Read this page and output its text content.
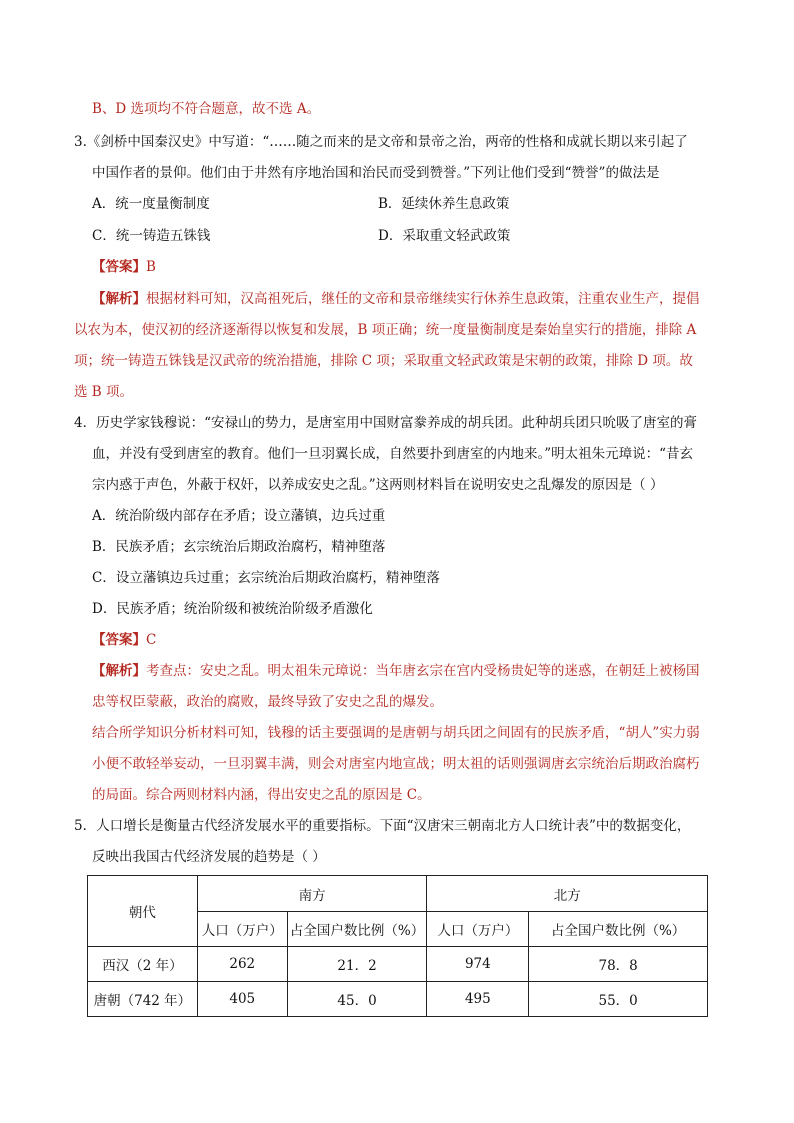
B、D 选项均不符合题意，故不选 A。
3.《剑桥中国秦汉史》中写道：“……随之而来的是文帝和景帝之治，两帝的性格和成就长期以来引起了
中国作者的景仰。他们由于井然有序地治国和治民而受到赞誉。”下列让他们受到“赞誉”的做法是
A．统一度量衡制度	B．延续休养生息政策
C．统一铸造五铢钱	D．采取重文轻武政策
【答案】B
【解析】根据材料可知，汉高祖死后，继任的文帝和景帝继续实行休养生息政策，注重农业生产，提倡
以农为本，使汉初的经济逐渐得以恢复和发展，B 项正确；统一度量衡制度是秦始皇实行的措施，排除 A
项；统一铸造五铢钱是汉武帝的统治措施，排除 C 项；采取重文轻武政策是宋朝的政策，排除 D 项。故
选 B 项。
4．历史学家钱穆说：“安禄山的势力，是唐室用中国财富豢养成的胡兵团。此种胡兵团只吮吸了唐室的膏
血，并没有受到唐室的教育。他们一旦羽翼长成，自然要扑到唐室的内地来。”明太祖朱元璋说：“昔玄
宗内惑于声色，外蔽于权奸，以养成安史之乱。”这两则材料旨在说明安史之乱爆发的原因是（ ）
A．统治阶级内部存在矛盾；设立藩镇，边兵过重
B．民族矛盾；玄宗统治后期政治腐朽，精神堕落
C．设立藩镇边兵过重；玄宗统治后期政治腐朽，精神堕落
D．民族矛盾；统治阶级和被统治阶级矛盾激化
【答案】C
【解析】考查点：安史之乱。明太祖朱元璋说：当年唐玄宗在宫内受杨贵妃等的迷惑，在朝廷上被杨国
忠等权臣蒙蔽，政治的腐败，最终导致了安史之乱的爆发。
结合所学知识分析材料可知，钱穆的话主要强调的是唐朝与胡兵团之间固有的民族矛盾，“胡人”实力弱
小便不敢轻举妄动，一旦羽翼丰满，则会对唐室内地宣战；明太祖的话则强调唐玄宗统治后期政治腐朽
的局面。综合两则材料内涵，得出安史之乱的原因是 C。
5．人口增长是衡量古代经济发展水平的重要指标。下面“汉唐宋三朝南北方人口统计表”中的数据变化，
反映出我国古代经济发展的趋势是（ ）
朝代	南方		北方	
	人口（万户）	占全国户数比例（%）	人口（万户）	占全国户数比例（%）
西汉（2 年）	262	21．2	974	78．8
唐朝（742 年）	405	45．0	495	55．0
